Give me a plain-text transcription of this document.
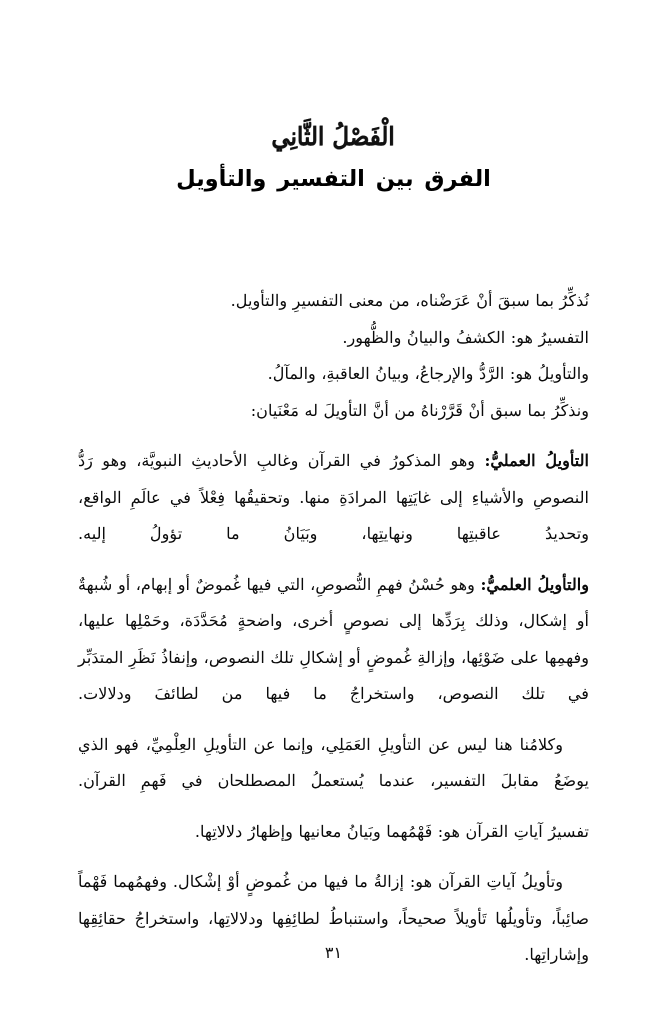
الْفَصْلُ الثَّانِي
الفرق بين التفسير والتأويل

نُذكِّرُ بما سبقَ أنْ عَرَضْناه، من معنى التفسيرِ والتأويل.

التفسيرُ هو: الكشفُ والبيانُ والظُّهور.

والتأويلُ هو: الرَّدُّ والإرجاعُ، وبيانُ العاقبةِ، والمآلُ.

ونذكِّرُ بما سبق أنْ قَرَّرْناهُ من أنَّ التأويلَ له مَعْنَيان:

التأويلُ العمليُّ: وهو المذكورُ في القرآن وغالبِ الأحاديثِ النبويَّة، وهو رَدُّ النصوصِ والأشياءِ إلى غايَتِها المرادَةِ منها. وتحقيقُها فِعْلاً في عالَمِ الواقع، وتحديدُ عاقبتِها ونهايتِها، وبَيَانُ ما تؤولُ إليه.

والتأويلُ العلميُّ: وهو حُسْنُ فهمِ النُّصوصِ، التي فيها غُموضٌ أو إبهام، أو شُبهةٌ أو إشكال، وذلك بِرَدِّها إلى نصوصٍ أخرى، واضحةٍ مُحَدَّدَة، وحَمْلِها عليها، وفهمِها على ضَوْئِها، وإزالةِ غُموضٍ أو إشكالِ تلك النصوص، وإنفاذُ نَظَرِ المتدَبِّر في تلك النصوص، واستخراجُ ما فيها من لطائفَ ودلالات.

وكلامُنا هنا ليس عن التأويلِ العَمَلِي، وإنما عن التأويلِ العِلْمِيِّ، فهو الذي يوضَعُ مقابلَ التفسير، عندما يُستعملُ المصطلحان في فَهمِ القرآن.

تفسيرُ آياتِ القرآن هو: فَهْمُهما وبَيانُ معانيها وإظهارُ دلالاتِها.

وتأويلُ آياتِ القرآن هو: إزالةُ ما فيها من غُموضٍ أوْ إشْكال. وفهمُهما فَهْماً صائِباً، وتأويلُها تَأويلاً صحيحاً، واستنباطُ لطائِفِها ودلالاتِها، واستخراجُ حقائِقِها وإشاراتِها.

٣١
